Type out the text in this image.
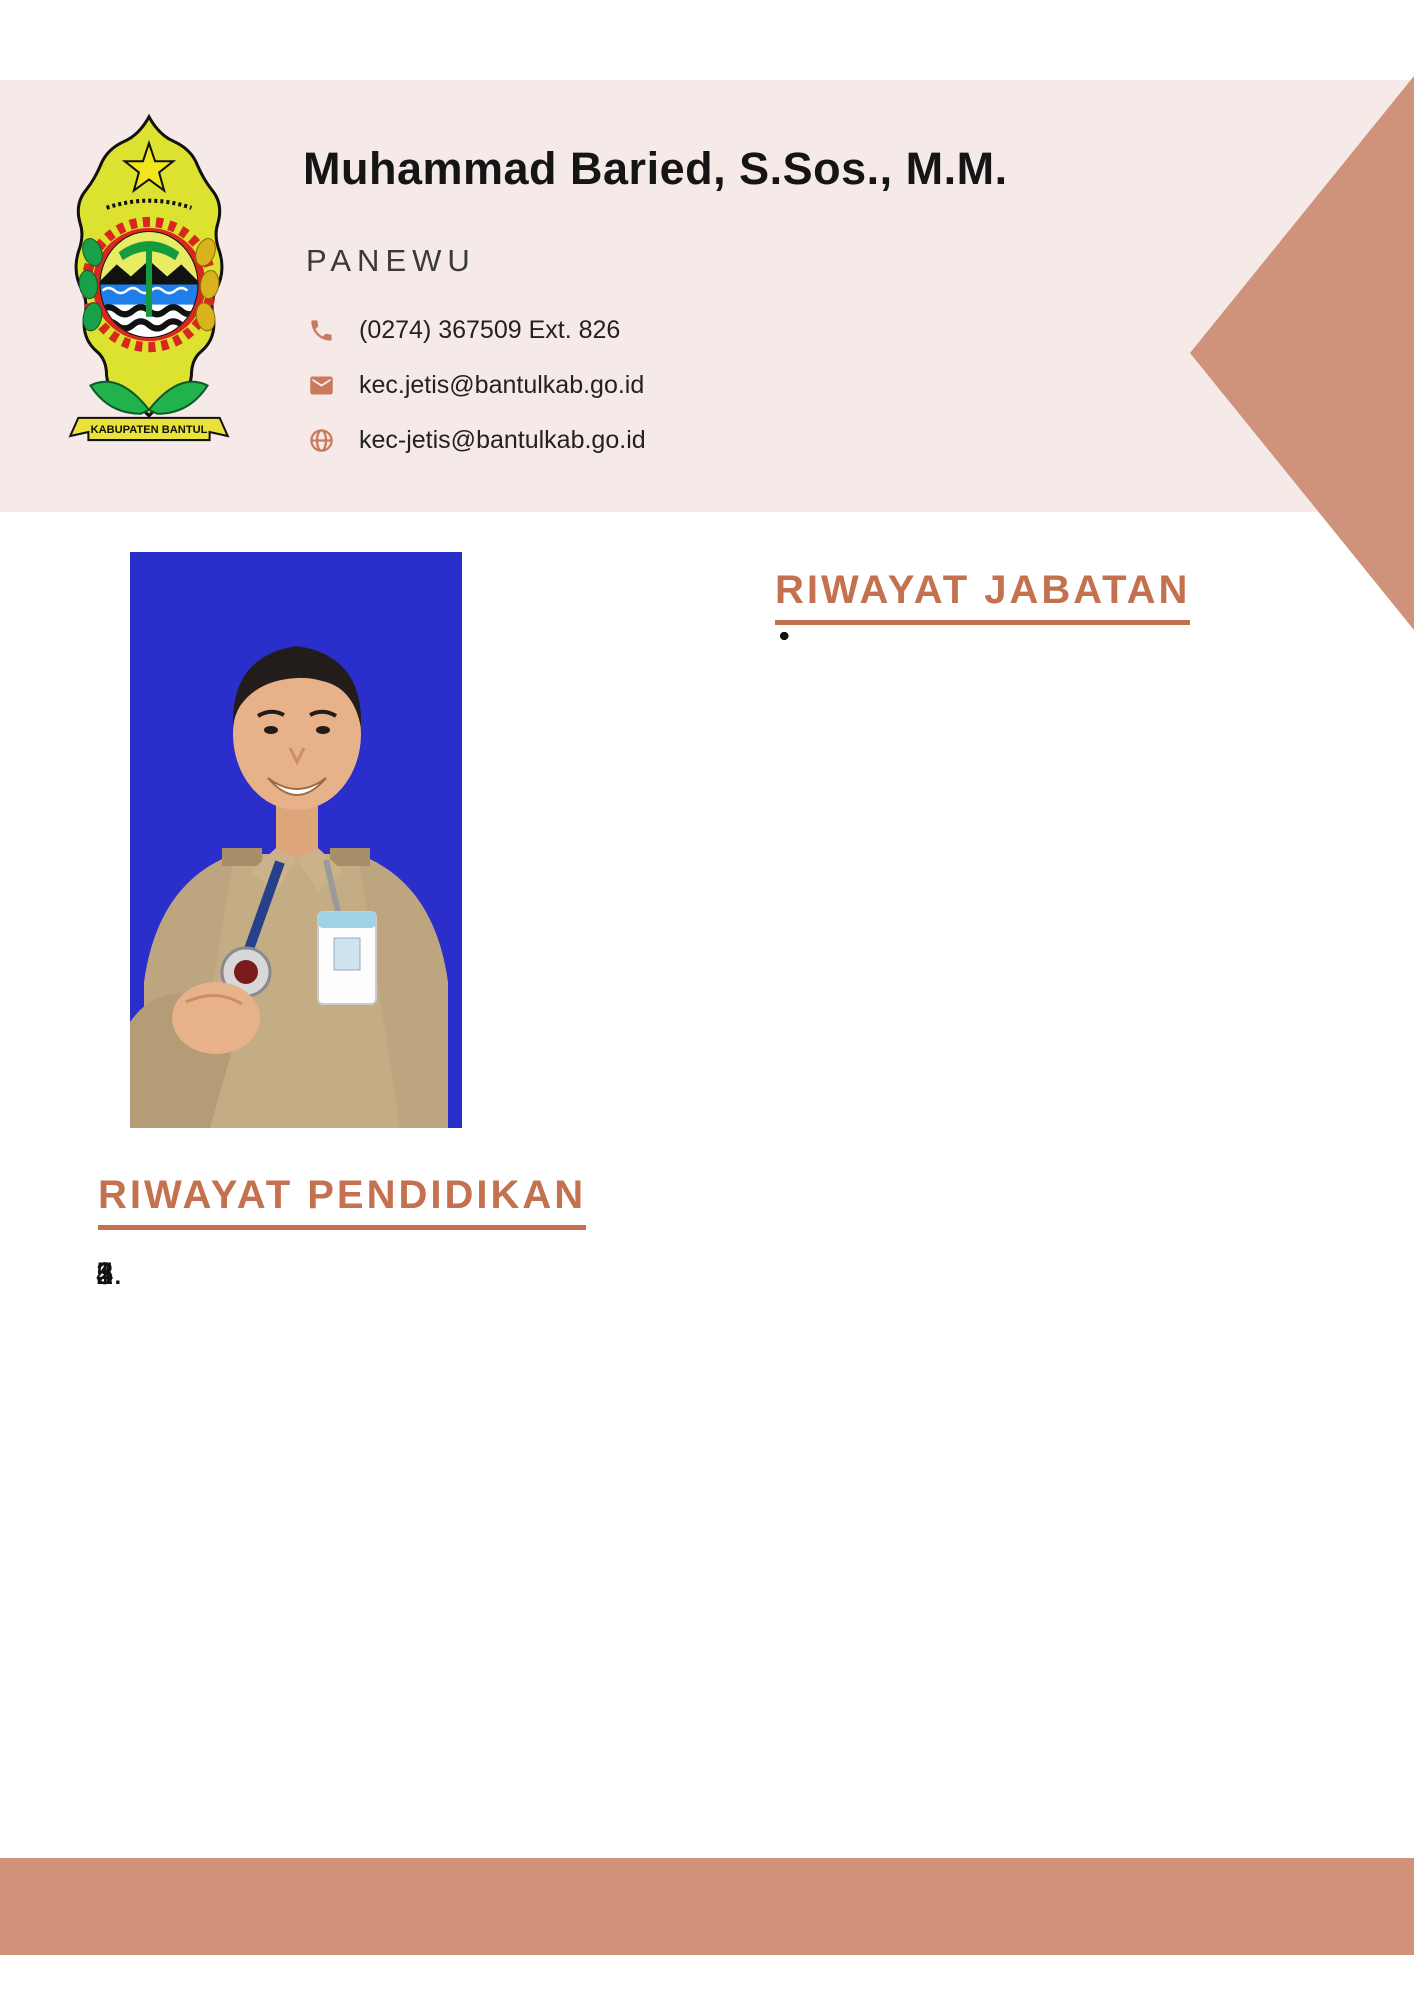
KABUPATEN BANTUL
Muhammad Baried, S.Sos., M.M.
PANEWU
(0274) 367509 Ext. 826
kec.jetis@bantulkab.go.id
kec-jetis@bantulkab.go.id
RIWAYAT JABATAN
RIWAYAT PENDIDIKAN
